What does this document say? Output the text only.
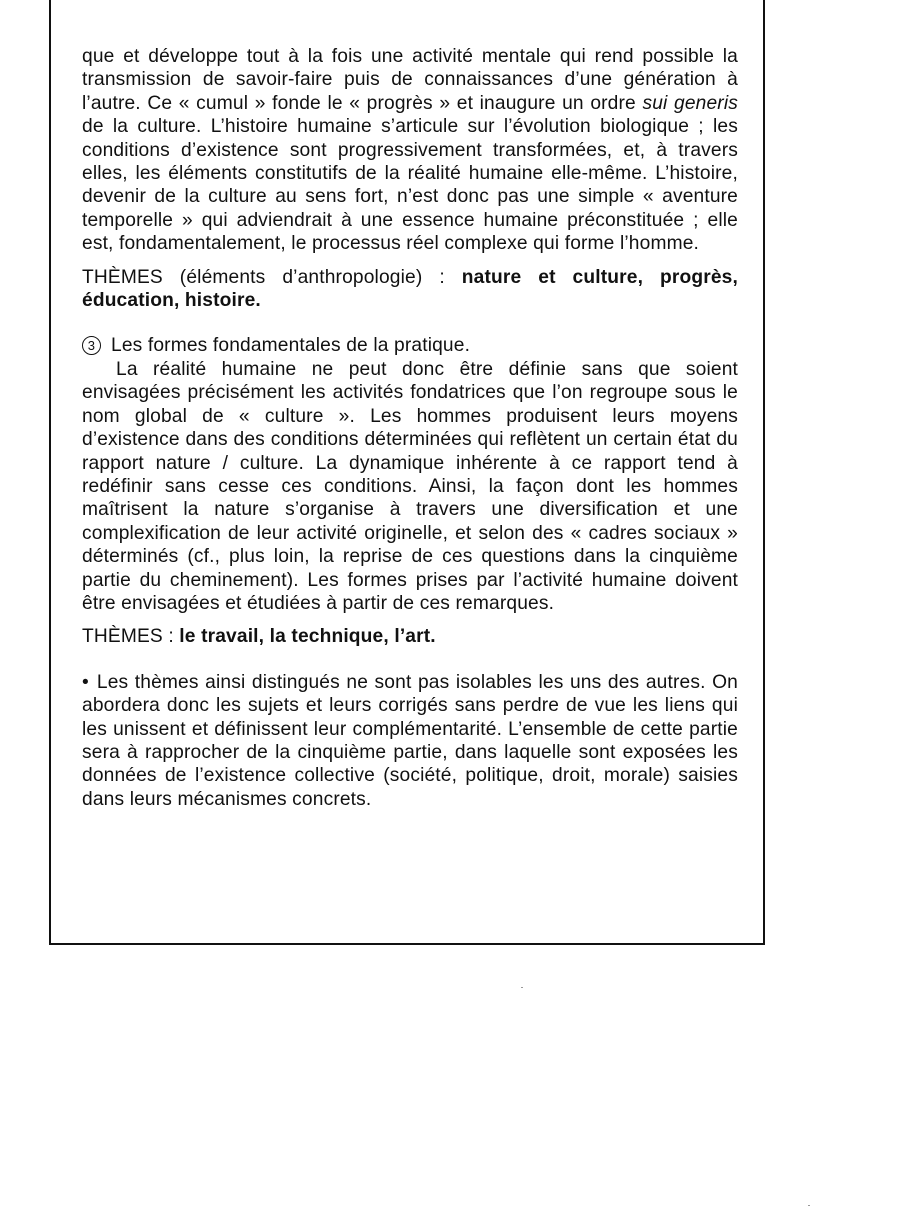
que et développe tout à la fois une activité mentale qui rend possible la transmission de savoir-faire puis de connaissances d’une génération à l’autre. Ce « cumul » fonde le « progrès » et inaugure un ordre sui generis de la culture. L’histoire humaine s’articule sur l’évolution biologique ; les conditions d’existence sont progressivement transformées, et, à travers elles, les éléments constitutifs de la réalité humaine elle-même. L’histoire, devenir de la culture au sens fort, n’est donc pas une simple « aventure temporelle » qui adviendrait à une essence humaine préconstituée ; elle est, fondamentalement, le processus réel complexe qui forme l’homme.

THÈMES (éléments d’anthropologie) : nature et culture, progrès, éducation, histoire.

3 Les formes fondamentales de la pratique.

La réalité humaine ne peut donc être définie sans que soient envisagées précisément les activités fondatrices que l’on regroupe sous le nom global de « culture ». Les hommes produisent leurs moyens d’existence dans des conditions déterminées qui reflètent un certain état du rapport nature / culture. La dynamique inhérente à ce rapport tend à redéfinir sans cesse ces conditions. Ainsi, la façon dont les hommes maîtrisent la nature s’organise à travers une diversification et une complexification de leur activité originelle, et selon des « cadres sociaux » déterminés (cf., plus loin, la reprise de ces questions dans la cinquième partie du cheminement). Les formes prises par l’activité humaine doivent être envisagées et étudiées à partir de ces remarques.

THÈMES : le travail, la technique, l’art.

• Les thèmes ainsi distingués ne sont pas isolables les uns des autres. On abordera donc les sujets et leurs corrigés sans perdre de vue les liens qui les unissent et définissent leur complémentarité. L’ensemble de cette partie sera à rapprocher de la cinquième partie, dans laquelle sont exposées les données de l’existence collective (société, politique, droit, morale) saisies dans leurs mécanismes concrets.
